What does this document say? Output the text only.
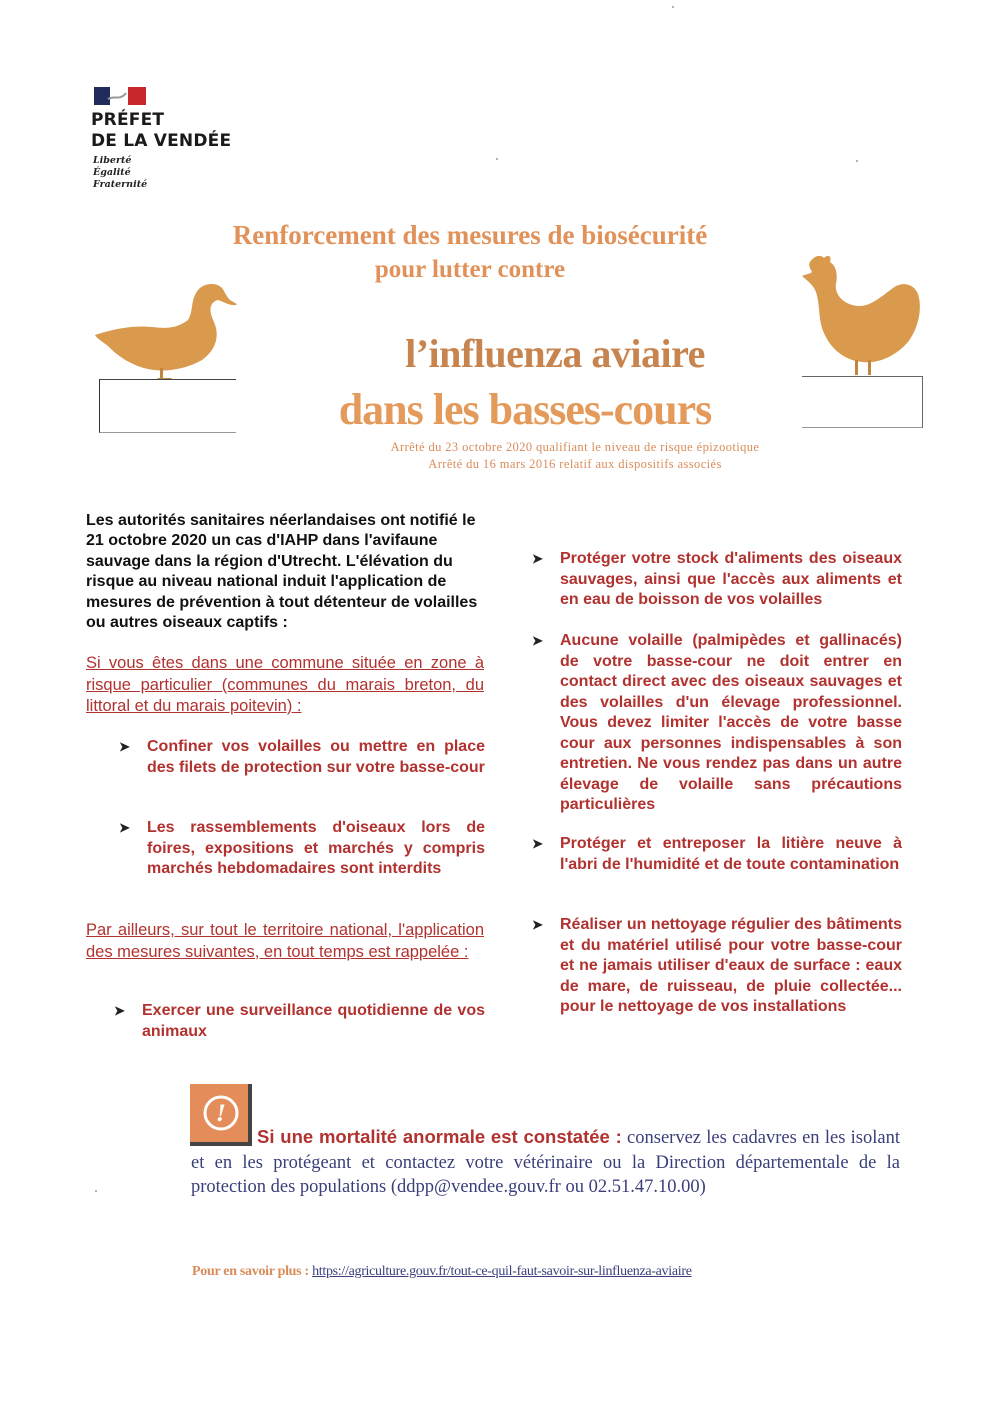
PRÉFET
DE LA VENDÉE
Liberté
Égalité
Fraternité
Renforcement des mesures de biosécurité
pour lutter contre
l’influenza aviaire
dans les basses-cours
Arrêté du 23 octobre 2020 qualifiant le niveau de risque épizootique
Arrêté du 16 mars 2016 relatif aux dispositifs associés
Les autorités sanitaires néerlandaises ont notifié le 21 octobre 2020 un cas d'IAHP dans l'avifaune sauvage dans la région d'Utrecht. L'élévation du risque au niveau national induit l'application de mesures de prévention à tout détenteur de volailles ou autres oiseaux captifs :
Si vous êtes dans une commune située en zone à risque particulier (communes du marais breton, du littoral et du marais poitevin) :
➤ Confiner vos volailles ou mettre en place des filets de protection sur votre basse-cour
➤ Les rassemblements d'oiseaux lors de foires, expositions et marchés y compris marchés hebdomadaires sont interdits
Par ailleurs, sur tout le territoire national, l'application des mesures suivantes, en tout temps est rappelée :
➤ Exercer une surveillance quotidienne de vos animaux
➤ Protéger votre stock d'aliments des oiseaux sauvages, ainsi que l'accès aux aliments et en eau de boisson de vos volailles
➤ Aucune volaille (palmipèdes et gallinacés) de votre basse-cour ne doit entrer en contact direct avec des oiseaux sauvages et des volailles d'un élevage professionnel. Vous devez limiter l'accès de votre basse cour aux personnes indispensables à son entretien. Ne vous rendez pas dans un autre élevage de volaille sans précautions particulières
➤ Protéger et entreposer la litière neuve à l'abri de l'humidité et de toute contamination
➤ Réaliser un nettoyage régulier des bâtiments et du matériel utilisé pour votre basse-cour et ne jamais utiliser d'eaux de surface : eaux de mare, de ruisseau, de pluie collectée... pour le nettoyage de vos installations
!
Si une mortalité anormale est constatée : conservez les cadavres en les isolant et en les protégeant et contactez votre vétérinaire ou la Direction départementale de la protection des populations (ddpp@vendee.gouv.fr ou 02.51.47.10.00)
Pour en savoir plus : https://agriculture.gouv.fr/tout-ce-quil-faut-savoir-sur-linfluenza-aviaire
